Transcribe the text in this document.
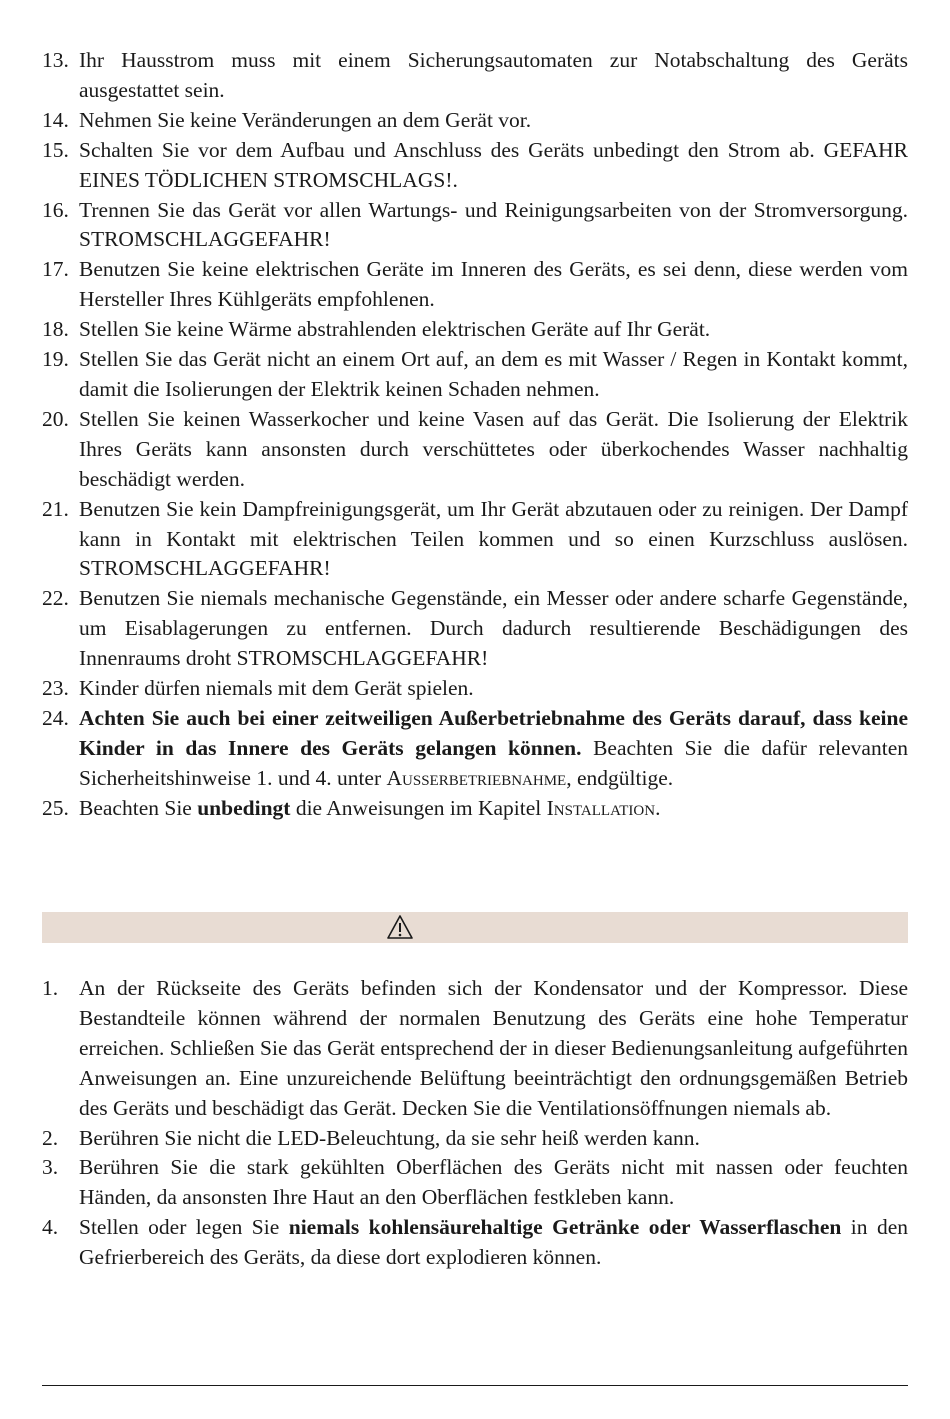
13. Ihr Hausstrom muss mit einem Sicherungsautomaten zur Notabschaltung des Geräts ausgestattet sein.
14. Nehmen Sie keine Veränderungen an dem Gerät vor.
15. Schalten Sie vor dem Aufbau und Anschluss des Geräts unbedingt den Strom ab. GEFAHR EINES TÖDLICHEN STROMSCHLAGS!.
16. Trennen Sie das Gerät vor allen Wartungs- und Reinigungsarbeiten von der Stromversorgung. STROMSCHLAGGEFAHR!
17. Benutzen Sie keine elektrischen Geräte im Inneren des Geräts, es sei denn, diese werden vom Hersteller Ihres Kühlgeräts empfohlenen.
18. Stellen Sie keine Wärme abstrahlenden elektrischen Geräte auf Ihr Gerät.
19. Stellen Sie das Gerät nicht an einem Ort auf, an dem es mit Wasser / Regen in Kontakt kommt, damit die Isolierungen der Elektrik keinen Schaden nehmen.
20. Stellen Sie keinen Wasserkocher und keine Vasen auf das Gerät. Die Isolierung der Elektrik Ihres Geräts kann ansonsten durch verschüttetes oder überkochendes Wasser nachhaltig beschädigt werden.
21. Benutzen Sie kein Dampfreinigungsgerät, um Ihr Gerät abzutauen oder zu reinigen. Der Dampf kann in Kontakt mit elektrischen Teilen kommen und so einen Kurzschluss auslösen. STROMSCHLAGGEFAHR!
22. Benutzen Sie niemals mechanische Gegenstände, ein Messer oder andere scharfe Gegenstände, um Eisablagerungen zu entfernen. Durch dadurch resultierende Beschädigungen des Innenraums droht STROMSCHLAGGEFAHR!
23. Kinder dürfen niemals mit dem Gerät spielen.
24. Achten Sie auch bei einer zeitweiligen Außerbetriebnahme des Geräts darauf, dass keine Kinder in das Innere des Geräts gelangen können. Beachten Sie die dafür relevanten Sicherheitshinweise 1. und 4. unter Außerbetriebnahme, endgültige.
25. Beachten Sie unbedingt die Anweisungen im Kapitel Installation.
1. An der Rückseite des Geräts befinden sich der Kondensator und der Kompressor. Diese Bestandteile können während der normalen Benutzung des Geräts eine hohe Temperatur erreichen. Schließen Sie das Gerät entsprechend der in dieser Bedienungsanleitung aufgeführten Anweisungen an. Eine unzureichende Belüftung beeinträchtigt den ordnungsgemäßen Betrieb des Geräts und beschädigt das Gerät. Decken Sie die Ventilationsöffnungen niemals ab.
2. Berühren Sie nicht die LED-Beleuchtung, da sie sehr heiß werden kann.
3. Berühren Sie die stark gekühlten Oberflächen des Geräts nicht mit nassen oder feuchten Händen, da ansonsten Ihre Haut an den Oberflächen festkleben kann.
4. Stellen oder legen Sie niemals kohlensäurehaltige Getränke oder Wasserflaschen in den Gefrierbereich des Geräts, da diese dort explodieren können.
